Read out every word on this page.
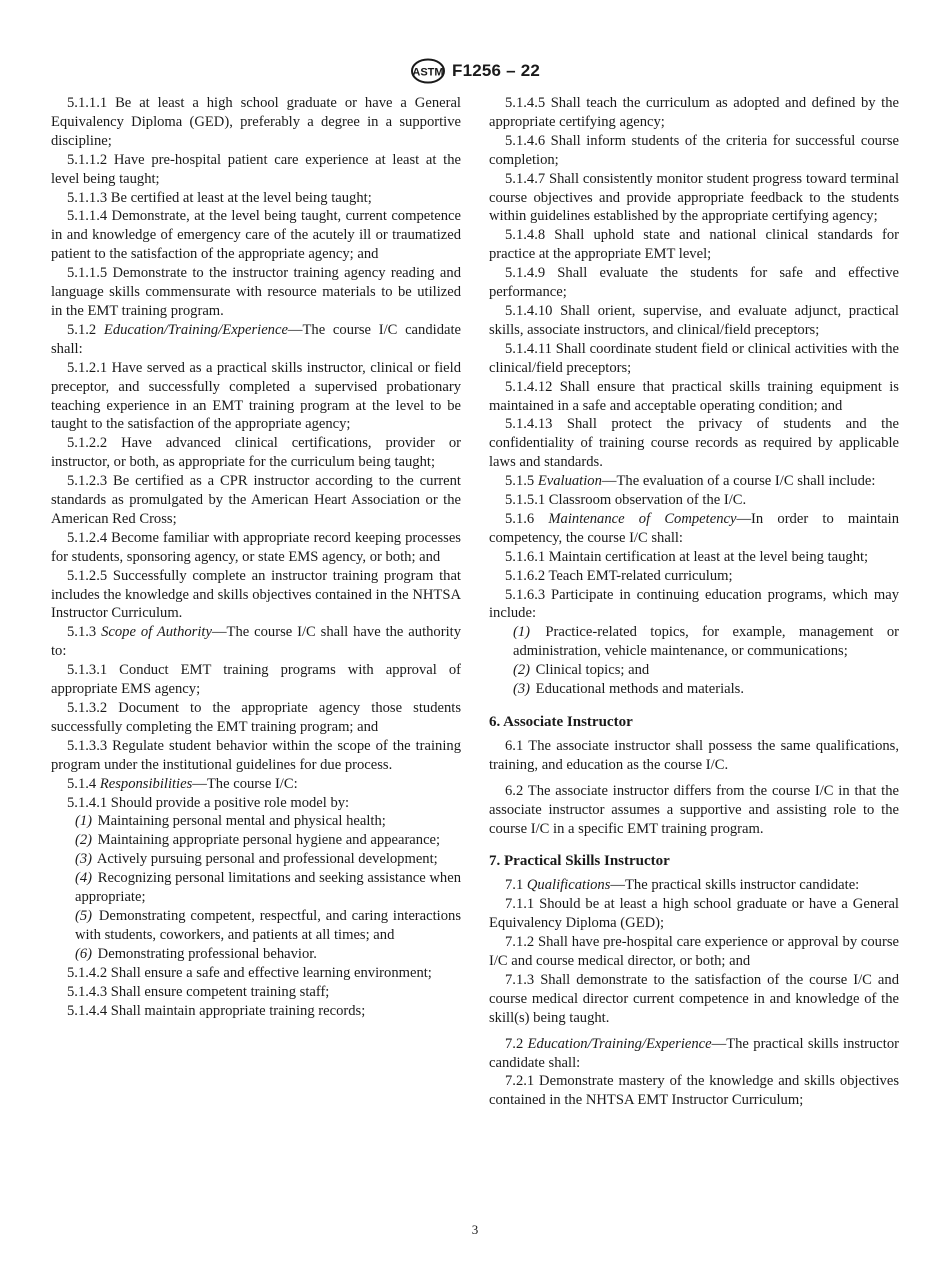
ASTM F1256 – 22

5.1.1.1 Be at least a high school graduate or have a General Equivalency Diploma (GED), preferably a degree in a supportive discipline;

5.1.1.2 Have pre-hospital patient care experience at least at the level being taught;

5.1.1.3 Be certified at least at the level being taught;

5.1.1.4 Demonstrate, at the level being taught, current competence in and knowledge of emergency care of the acutely ill or traumatized patient to the satisfaction of the appropriate agency; and

5.1.1.5 Demonstrate to the instructor training agency reading and language skills commensurate with resource materials to be utilized in the EMT training program.

5.1.2 Education/Training/Experience—The course I/C candidate shall:

5.1.2.1 Have served as a practical skills instructor, clinical or field preceptor, and successfully completed a supervised probationary teaching experience in an EMT training program at the level to be taught to the satisfaction of the appropriate agency;

5.1.2.2 Have advanced clinical certifications, provider or instructor, or both, as appropriate for the curriculum being taught;

5.1.2.3 Be certified as a CPR instructor according to the current standards as promulgated by the American Heart Association or the American Red Cross;

5.1.2.4 Become familiar with appropriate record keeping processes for students, sponsoring agency, or state EMS agency, or both; and

5.1.2.5 Successfully complete an instructor training program that includes the knowledge and skills objectives contained in the NHTSA Instructor Curriculum.

5.1.3 Scope of Authority—The course I/C shall have the authority to:

5.1.3.1 Conduct EMT training programs with approval of appropriate EMS agency;

5.1.3.2 Document to the appropriate agency those students successfully completing the EMT training program; and

5.1.3.3 Regulate student behavior within the scope of the training program under the institutional guidelines for due process.

5.1.4 Responsibilities—The course I/C:

5.1.4.1 Should provide a positive role model by:

(1) Maintaining personal mental and physical health;

(2) Maintaining appropriate personal hygiene and appearance;

(3) Actively pursuing personal and professional development;

(4) Recognizing personal limitations and seeking assistance when appropriate;

(5) Demonstrating competent, respectful, and caring interactions with students, coworkers, and patients at all times; and

(6) Demonstrating professional behavior.

5.1.4.2 Shall ensure a safe and effective learning environment;

5.1.4.3 Shall ensure competent training staff;

5.1.4.4 Shall maintain appropriate training records;

5.1.4.5 Shall teach the curriculum as adopted and defined by the appropriate certifying agency;

5.1.4.6 Shall inform students of the criteria for successful course completion;

5.1.4.7 Shall consistently monitor student progress toward terminal course objectives and provide appropriate feedback to the students within guidelines established by the appropriate certifying agency;

5.1.4.8 Shall uphold state and national clinical standards for practice at the appropriate EMT level;

5.1.4.9 Shall evaluate the students for safe and effective performance;

5.1.4.10 Shall orient, supervise, and evaluate adjunct, practical skills, associate instructors, and clinical/field preceptors;

5.1.4.11 Shall coordinate student field or clinical activities with the clinical/field preceptors;

5.1.4.12 Shall ensure that practical skills training equipment is maintained in a safe and acceptable operating condition; and

5.1.4.13 Shall protect the privacy of students and the confidentiality of training course records as required by applicable laws and standards.

5.1.5 Evaluation—The evaluation of a course I/C shall include:

5.1.5.1 Classroom observation of the I/C.

5.1.6 Maintenance of Competency—In order to maintain competency, the course I/C shall:

5.1.6.1 Maintain certification at least at the level being taught;

5.1.6.2 Teach EMT-related curriculum;

5.1.6.3 Participate in continuing education programs, which may include:

(1) Practice-related topics, for example, management or administration, vehicle maintenance, or communications;

(2) Clinical topics; and

(3) Educational methods and materials.

6. Associate Instructor

6.1 The associate instructor shall possess the same qualifications, training, and education as the course I/C.

6.2 The associate instructor differs from the course I/C in that the associate instructor assumes a supportive and assisting role to the course I/C in a specific EMT training program.

7. Practical Skills Instructor

7.1 Qualifications—The practical skills instructor candidate:

7.1.1 Should be at least a high school graduate or have a General Equivalency Diploma (GED);

7.1.2 Shall have pre-hospital care experience or approval by course I/C and course medical director, or both; and

7.1.3 Shall demonstrate to the satisfaction of the course I/C and course medical director current competence in and knowledge of the skill(s) being taught.

7.2 Education/Training/Experience—The practical skills instructor candidate shall:

7.2.1 Demonstrate mastery of the knowledge and skills objectives contained in the NHTSA EMT Instructor Curriculum;

3
